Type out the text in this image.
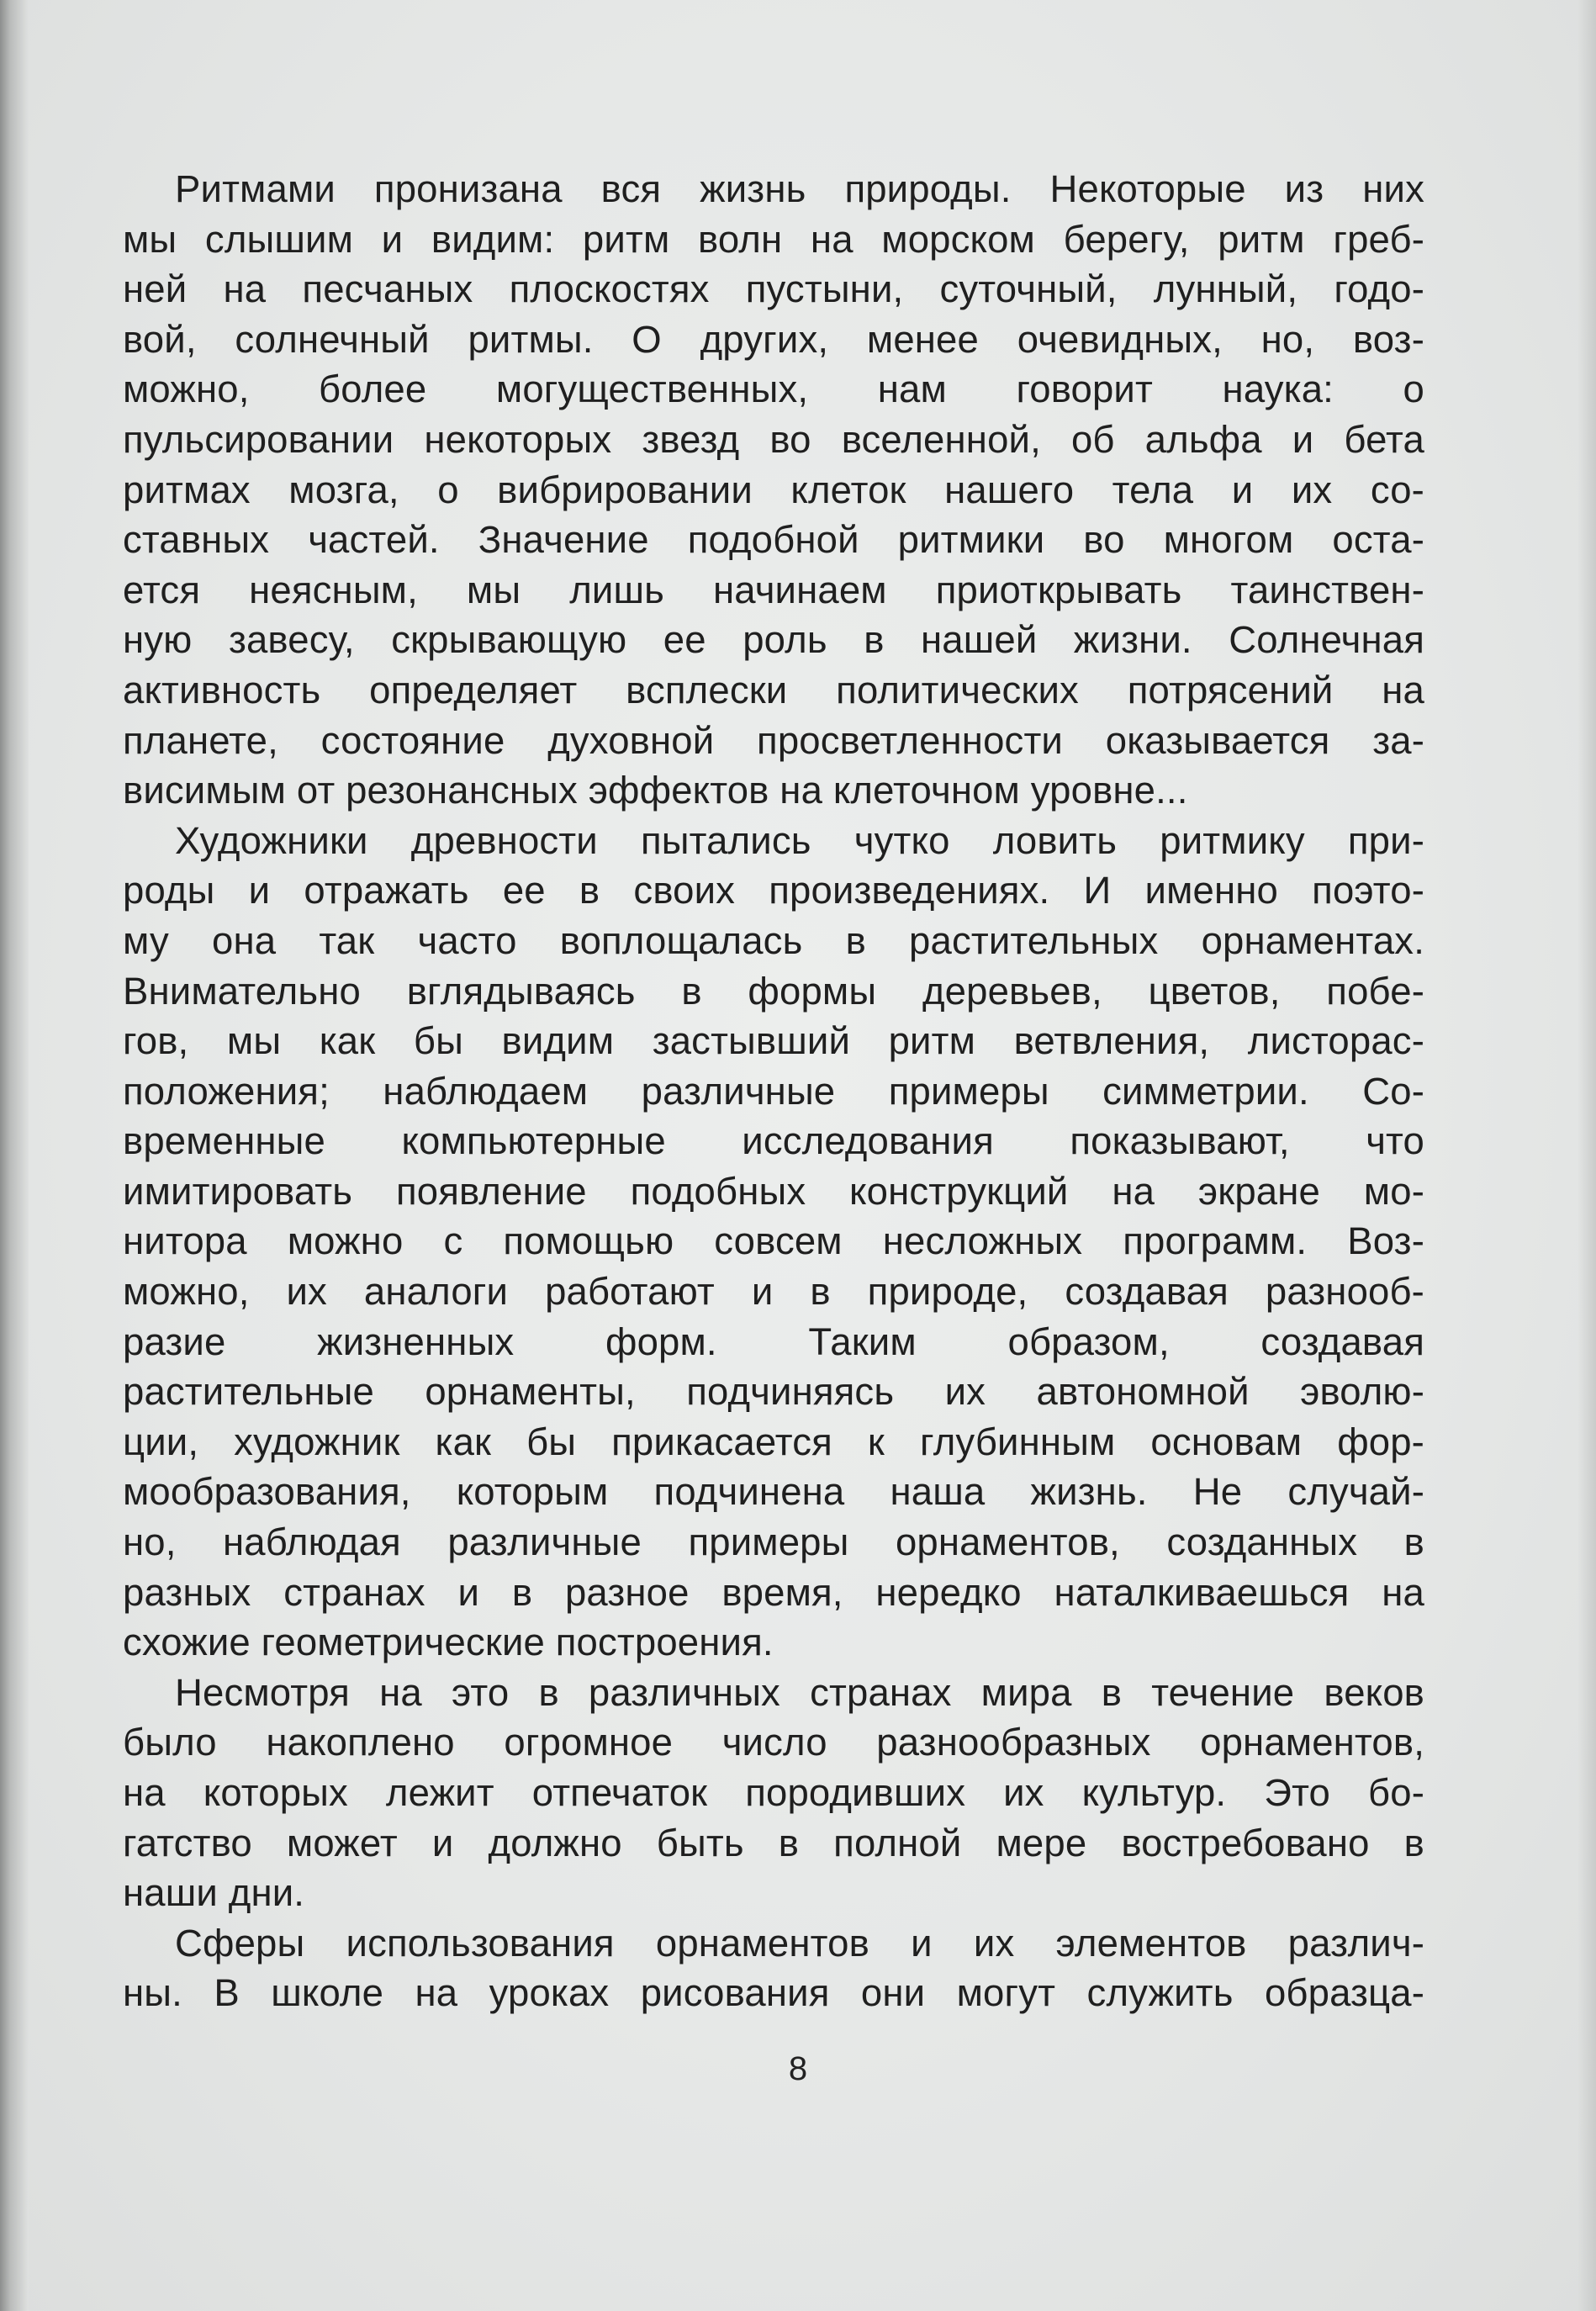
Ритмами пронизана вся жизнь природы. Некоторые из них
мы слышим и видим: ритм волн на морском берегу, ритм греб-
ней на песчаных плоскостях пустыни, суточный, лунный, годо-
вой, солнечный ритмы. О других, менее очевидных, но, воз-
можно, более могущественных, нам говорит наука: о
пульсировании некоторых звезд во вселенной, об альфа и бета
ритмах мозга, о вибрировании клеток нашего тела и их со-
ставных частей. Значение подобной ритмики во многом оста-
ется неясным, мы лишь начинаем приоткрывать таинствен-
ную завесу, скрывающую ее роль в нашей жизни. Солнечная
активность определяет всплески политических потрясений на
планете, состояние духовной просветленности оказывается за-
висимым от резонансных эффектов на клеточном уровне...
Художники древности пытались чутко ловить ритмику при-
роды и отражать ее в своих произведениях. И именно поэто-
му она так часто воплощалась в растительных орнаментах.
Внимательно вглядываясь в формы деревьев, цветов, побе-
гов, мы как бы видим застывший ритм ветвления, листорас-
положения; наблюдаем различные примеры симметрии. Со-
временные компьютерные исследования показывают, что
имитировать появление подобных конструкций на экране мо-
нитора можно с помощью совсем несложных программ. Воз-
можно, их аналоги работают и в природе, создавая разнооб-
разие жизненных форм. Таким образом, создавая
растительные орнаменты, подчиняясь их автономной эволю-
ции, художник как бы прикасается к глубинным основам фор-
мообразования, которым подчинена наша жизнь. Не случай-
но, наблюдая различные примеры орнаментов, созданных в
разных странах и в разное время, нередко наталкиваешься на
схожие геометрические построения.
Несмотря на это в различных странах мира в течение веков
было накоплено огромное число разнообразных орнаментов,
на которых лежит отпечаток породивших их культур. Это бо-
гатство может и должно быть в полной мере востребовано в
наши дни.
Сферы использования орнаментов и их элементов различ-
ны. В школе на уроках рисования они могут служить образца-
8
